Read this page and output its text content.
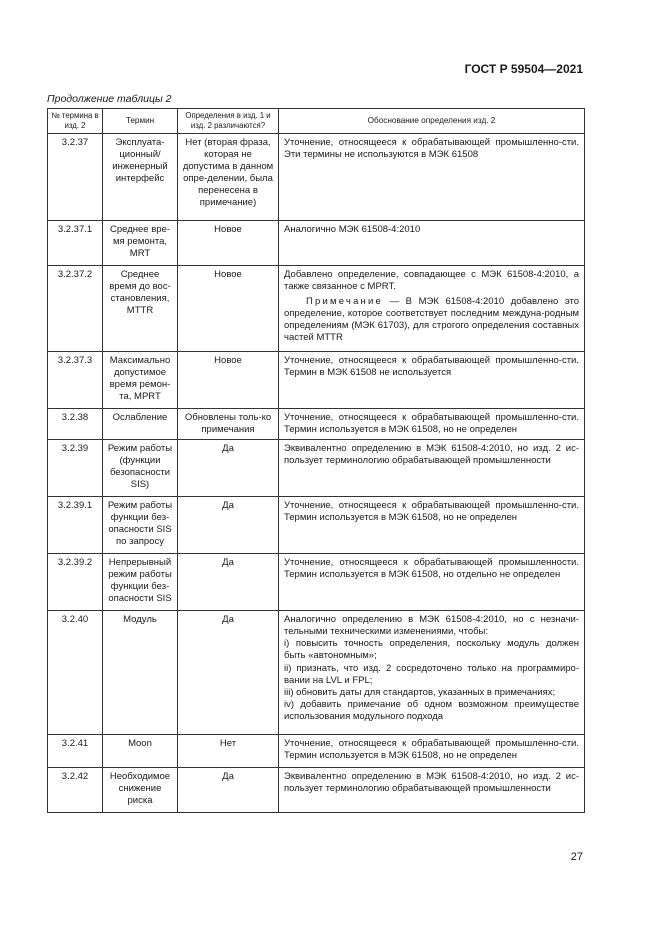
ГОСТ Р 59504—2021
Продолжение таблицы 2
№ термина в изд. 2	Термин	Определения в изд. 1 и изд. 2 различаются?	Обоснование определения изд. 2
3.2.37	Эксплуата-ционный/ инженерный интерфейс	Нет (вторая фраза, которая не допустима в данном опре-делении, была перенесена в примечание)	Уточнение, относящееся к обрабатывающей промышленно-сти. Эти термины не используются в МЭК 61508

3.2.37.1	Среднее вре-мя ремонта, MRT	Новое	Аналогично МЭК 61508-4:2010

3.2.37.2	Среднее время до вос-становления, MTTR	Новое	Добавлено определение, совпадающее с МЭК 61508-4:2010, а также связанное с MPRT.

Примечание — В МЭК 61508-4:2010 добавлено это определение, которое соответствует последним междуна-родным определениям (МЭК 61703), для строгого определения составных частей MTTR

3.2.37.3	Максимально допустимое время ремон-та, MPRT	Новое	Уточнение, относящееся к обрабатывающей промышленно-сти. Термин в МЭК 61508 не используется

3.2.38	Ослабление	Обновлены толь-ко примечания	Уточнение, относящееся к обрабатывающей промышленно-сти. Термин используется в МЭК 61508, но не определен

3.2.39	Режим работы (функции безопасности SIS)	Да	Эквивалентно определению в МЭК 61508-4:2010, но изд. 2 ис-пользует терминологию обрабатывающей промышленности

3.2.39.1	Режим работы функции без-опасности SIS по запросу	Да	Уточнение, относящееся к обрабатывающей промышленно-сти. Термин используется в МЭК 61508, но не определен

3.2.39.2	Непрерывный режим работы функции без-опасности SIS	Да	Уточнение, относящееся к обрабатывающей промышленности. Термин используется в МЭК 61508, но отдельно не определен

3.2.40	Модуль	Да	Аналогично определению в МЭК 61508-4:2010, но с незначи-тельными техническими изменениями, чтобы:

i) повысить точность определения, поскольку модуль должен быть «автономным»;

ii) признать, что изд. 2 сосредоточено только на программиро-вании на LVL и FPL;

iii) обновить даты для стандартов, указанных в примечаниях;

iv) добавить примечание об одном возможном преимуществе использования модульного подхода

3.2.41	Moon	Нет	Уточнение, относящееся к обрабатывающей промышленно-сти. Термин используется в МЭК 61508, но не определен

3.2.42	Необходимое снижение риска	Да	Эквивалентно определению в МЭК 61508-4:2010, но изд. 2 ис-пользует терминологию обрабатывающей промышленности

27
